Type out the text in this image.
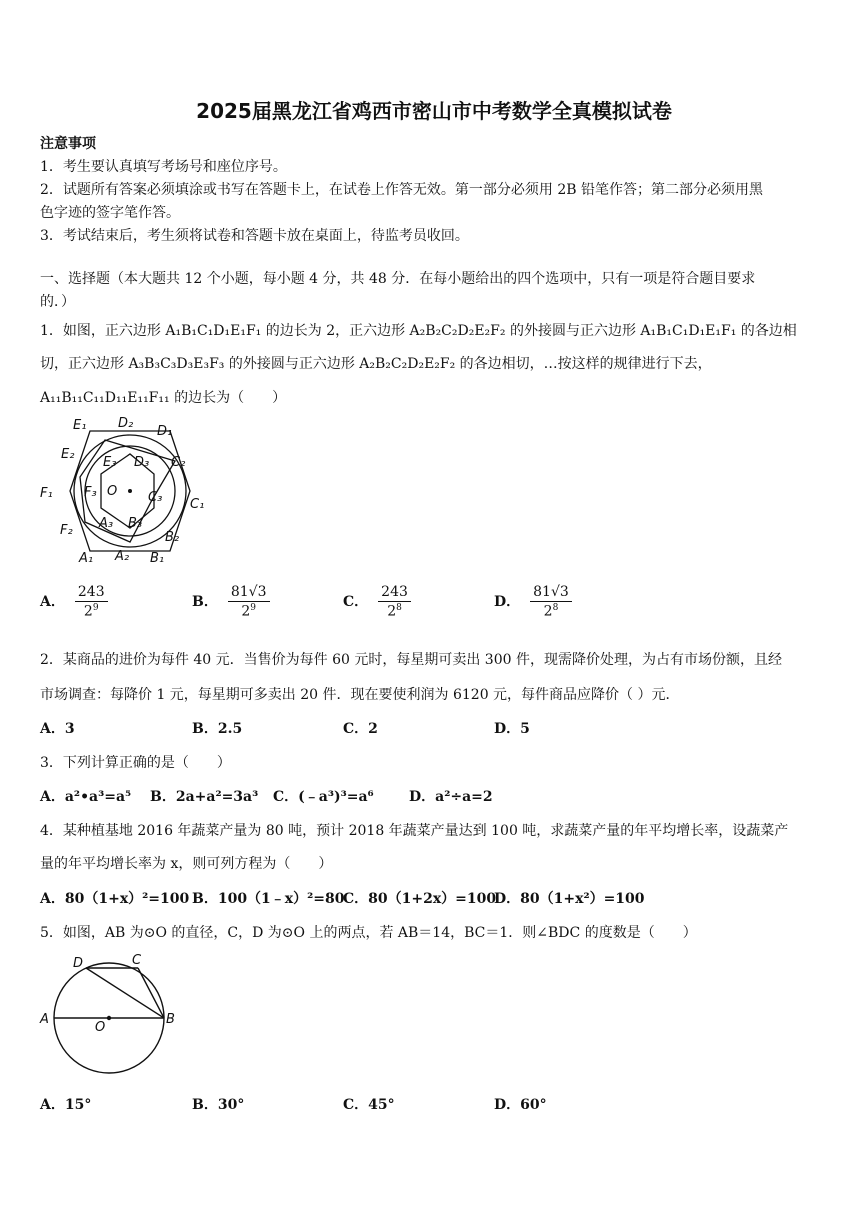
2025届黑龙江省鸡西市密山市中考数学全真模拟试卷
注意事项
1．考生要认真填写考场号和座位序号。
2．试题所有答案必须填涂或书写在答题卡上，在试卷上作答无效。第一部分必须用 2B 铅笔作答；第二部分必须用黑
色字迹的签字笔作答。
3．考试结束后，考生须将试卷和答题卡放在桌面上，待监考员收回。
一、选择题（本大题共 12 个小题，每小题 4 分，共 48 分．在每小题给出的四个选项中，只有一项是符合题目要求
的．）
1．如图，正六边形 A₁B₁C₁D₁E₁F₁ 的边长为 2，正六边形 A₂B₂C₂D₂E₂F₂ 的外接圆与正六边形 A₁B₁C₁D₁E₁F₁ 的各边相
切，正六边形 A₃B₃C₃D₃E₃F₃ 的外接圆与正六边形 A₂B₂C₂D₂E₂F₂ 的各边相切，…按这样的规律进行下去，
A₁₁B₁₁C₁₁D₁₁E₁₁F₁₁ 的边长为（　　）
E₁ D₂
D₁
E₂
E₃ D₃ C₂
F₁ F₃ O C₃ C₁
F₂ A₃ B₃
B₂
A₁ A₂ B₁
A． $\frac{243}{2^9}$	B． $\frac{81√3}{2^9}$	C． $\frac{243}{2^8}$	D． $\frac{81√3}{2^8}$
2．某商品的进价为每件 40 元．当售价为每件 60 元时，每星期可卖出 300 件，现需降价处理，为占有市场份额，且经
市场调查：每降价 1 元，每星期可多卖出 20 件．现在要使利润为 6120 元，每件商品应降价（ ）元．
A．3	B．2.5	C．2	D．5
3．下列计算正确的是（　　）
A．a²•a³=a⁵ B．2a+a²=3a³ C．(﹣a³)³=a⁶	D．a²÷a=2
4．某种植基地 2016 年蔬菜产量为 80 吨，预计 2018 年蔬菜产量达到 100 吨，求蔬菜产量的年平均增长率，设蔬菜产
量的年平均增长率为 x，则可列方程为（　　）
A．80（1+x）²=100 B．100（1﹣x）²=80
C．80（1+2x）=100
D．80（1+x²）=100
5．如图，AB 为⊙O 的直径，C，D 为⊙O 上的两点，若 AB＝14，BC＝1．则∠BDC 的度数是（　　）
D	C
A
O
B
A．15°	B．30°	C．45°	D．60°
